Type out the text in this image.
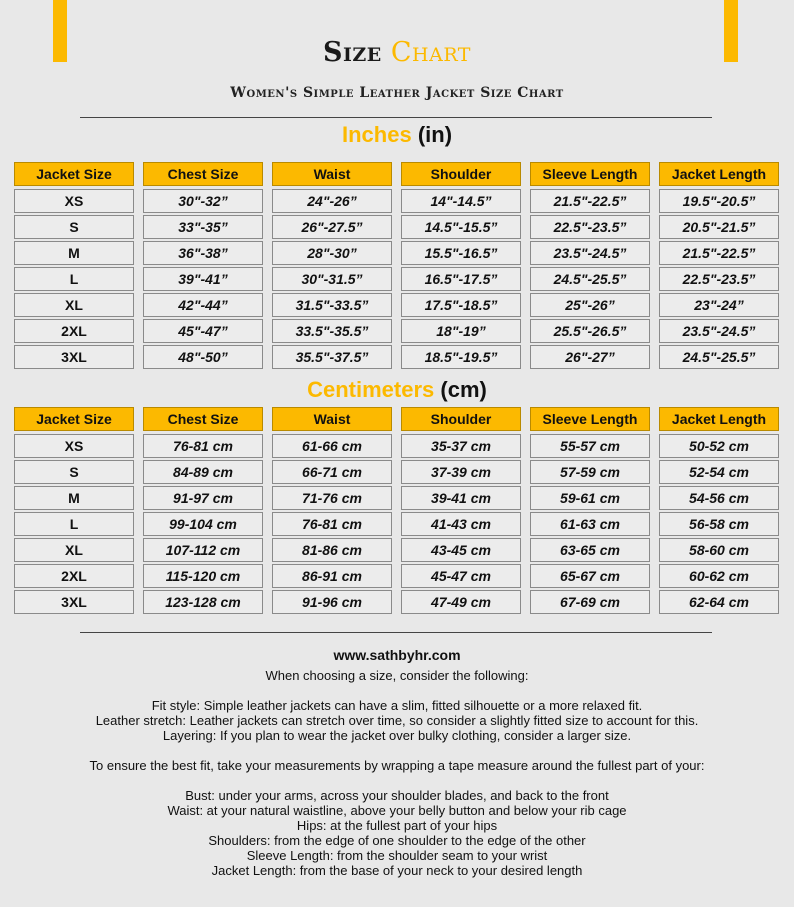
Size Chart
Women's Simple Leather Jacket Size Chart
Inches (in)
Jacket Size	Chest Size	Waist	Shoulder	Sleeve Length	Jacket Length
XS	30"-32”	24"-26”	14"-14.5”	21.5"-22.5”	19.5"-20.5”
S	33"-35”	26"-27.5”	14.5"-15.5”	22.5"-23.5”	20.5"-21.5”
M	36"-38”	28"-30”	15.5"-16.5”	23.5"-24.5”	21.5"-22.5”
L	39"-41”	30"-31.5”	16.5"-17.5”	24.5"-25.5”	22.5"-23.5”
XL	42"-44”	31.5"-33.5”	17.5"-18.5”	25"-26”	23"-24”
2XL	45"-47”	33.5"-35.5”	18"-19”	25.5"-26.5”	23.5"-24.5”
3XL	48"-50”	35.5"-37.5”	18.5"-19.5”	26"-27”	24.5"-25.5”
Centimeters (cm)
Jacket Size	Chest Size	Waist	Shoulder	Sleeve Length	Jacket Length
XS	76-81 cm	61-66 cm	35-37 cm	55-57 cm	50-52 cm
S	84-89 cm	66-71 cm	37-39 cm	57-59 cm	52-54 cm
M	91-97 cm	71-76 cm	39-41 cm	59-61 cm	54-56 cm
L	99-104 cm	76-81 cm	41-43 cm	61-63 cm	56-58 cm
XL	107-112 cm	81-86 cm	43-45 cm	63-65 cm	58-60 cm
2XL	115-120 cm	86-91 cm	45-47 cm	65-67 cm	60-62 cm
3XL	123-128 cm	91-96 cm	47-49 cm	67-69 cm	62-64 cm
www.sathbyhr.com

When choosing a size, consider the following:

Fit style: Simple leather jackets can have a slim, fitted silhouette or a more relaxed fit.

Leather stretch: Leather jackets can stretch over time, so consider a slightly fitted size to account for this.

Layering: If you plan to wear the jacket over bulky clothing, consider a larger size.

To ensure the best fit, take your measurements by wrapping a tape measure around the fullest part of your:

Bust: under your arms, across your shoulder blades, and back to the front

Waist: at your natural waistline, above your belly button and below your rib cage

Hips: at the fullest part of your hips

Shoulders: from the edge of one shoulder to the edge of the other

Sleeve Length: from the shoulder seam to your wrist

Jacket Length: from the base of your neck to your desired length
